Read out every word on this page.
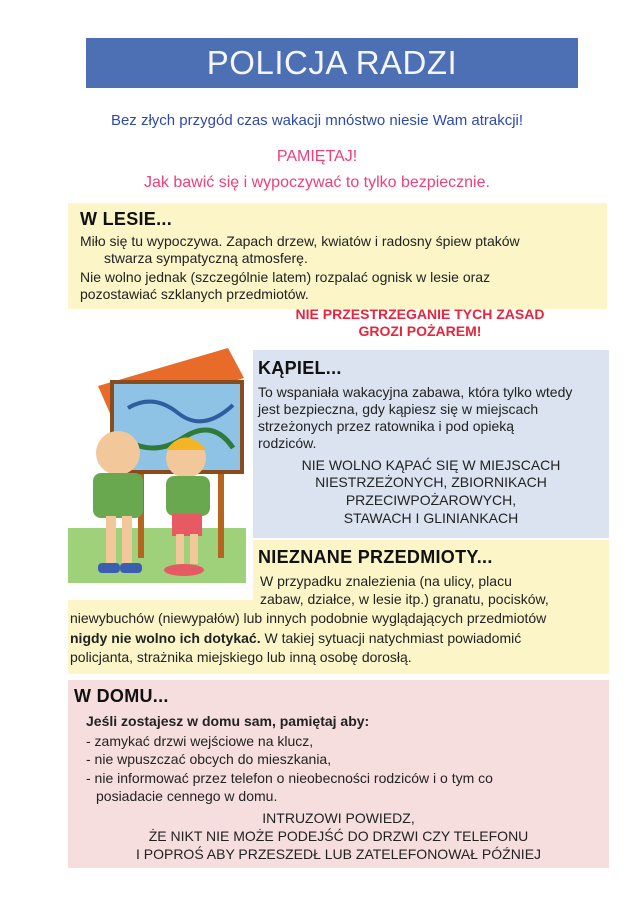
POLICJA RADZI
Bez złych przygód czas wakacji mnóstwo niesie Wam atrakcji!
PAMIĘTAJ!
Jak bawić się i wypoczywać to tylko bezpiecznie.
W LESIE...
Miło się tu wypoczywa. Zapach drzew, kwiatów i radosny śpiew ptaków
stwarza sympatyczną atmosferę.
Nie wolno jednak (szczególnie latem) rozpalać ognisk w lesie oraz
pozostawiać szklanych przedmiotów.
NIE PRZESTRZEGANIE TYCH ZASAD
GROZI POŻAREM!
KĄPIEL...
To wspaniała wakacyjna zabawa, która tylko wtedy
jest bezpieczna, gdy kąpiesz się w miejscach
strzeżonych przez ratownika i pod opieką
rodziców.
NIE WOLNO KĄPAĆ SIĘ W MIEJSCACH
NIESTRZEŻONYCH, ZBIORNIKACH
PRZECIWPOŻAROWYCH,
STAWACH I GLINIANKACH
NIEZNANE PRZEDMIOTY...
W przypadku znalezienia (na ulicy, placu
zabaw, działce, w lesie itp.) granatu, pocisków,
niewybuchów (niewypałów) lub innych podobnie wyglądających przedmiotów
nigdy nie wolno ich dotykać. W takiej sytuacji natychmiast powiadomić
policjanta, strażnika miejskiego lub inną osobę dorosłą.
W DOMU...
Jeśli zostajesz w domu sam, pamiętaj aby:
- zamykać drzwi wejściowe na klucz,
- nie wpuszczać obcych do mieszkania,
- nie informować przez telefon o nieobecności rodziców i o tym co
posiadacie cennego w domu.
INTRUZOWI POWIEDZ,
ŻE NIKT NIE MOŻE PODEJŚĆ DO DRZWI CZY TELEFONU
I POPROŚ ABY PRZESZEDŁ LUB ZATELEFONOWAŁ PÓŹNIEJ
